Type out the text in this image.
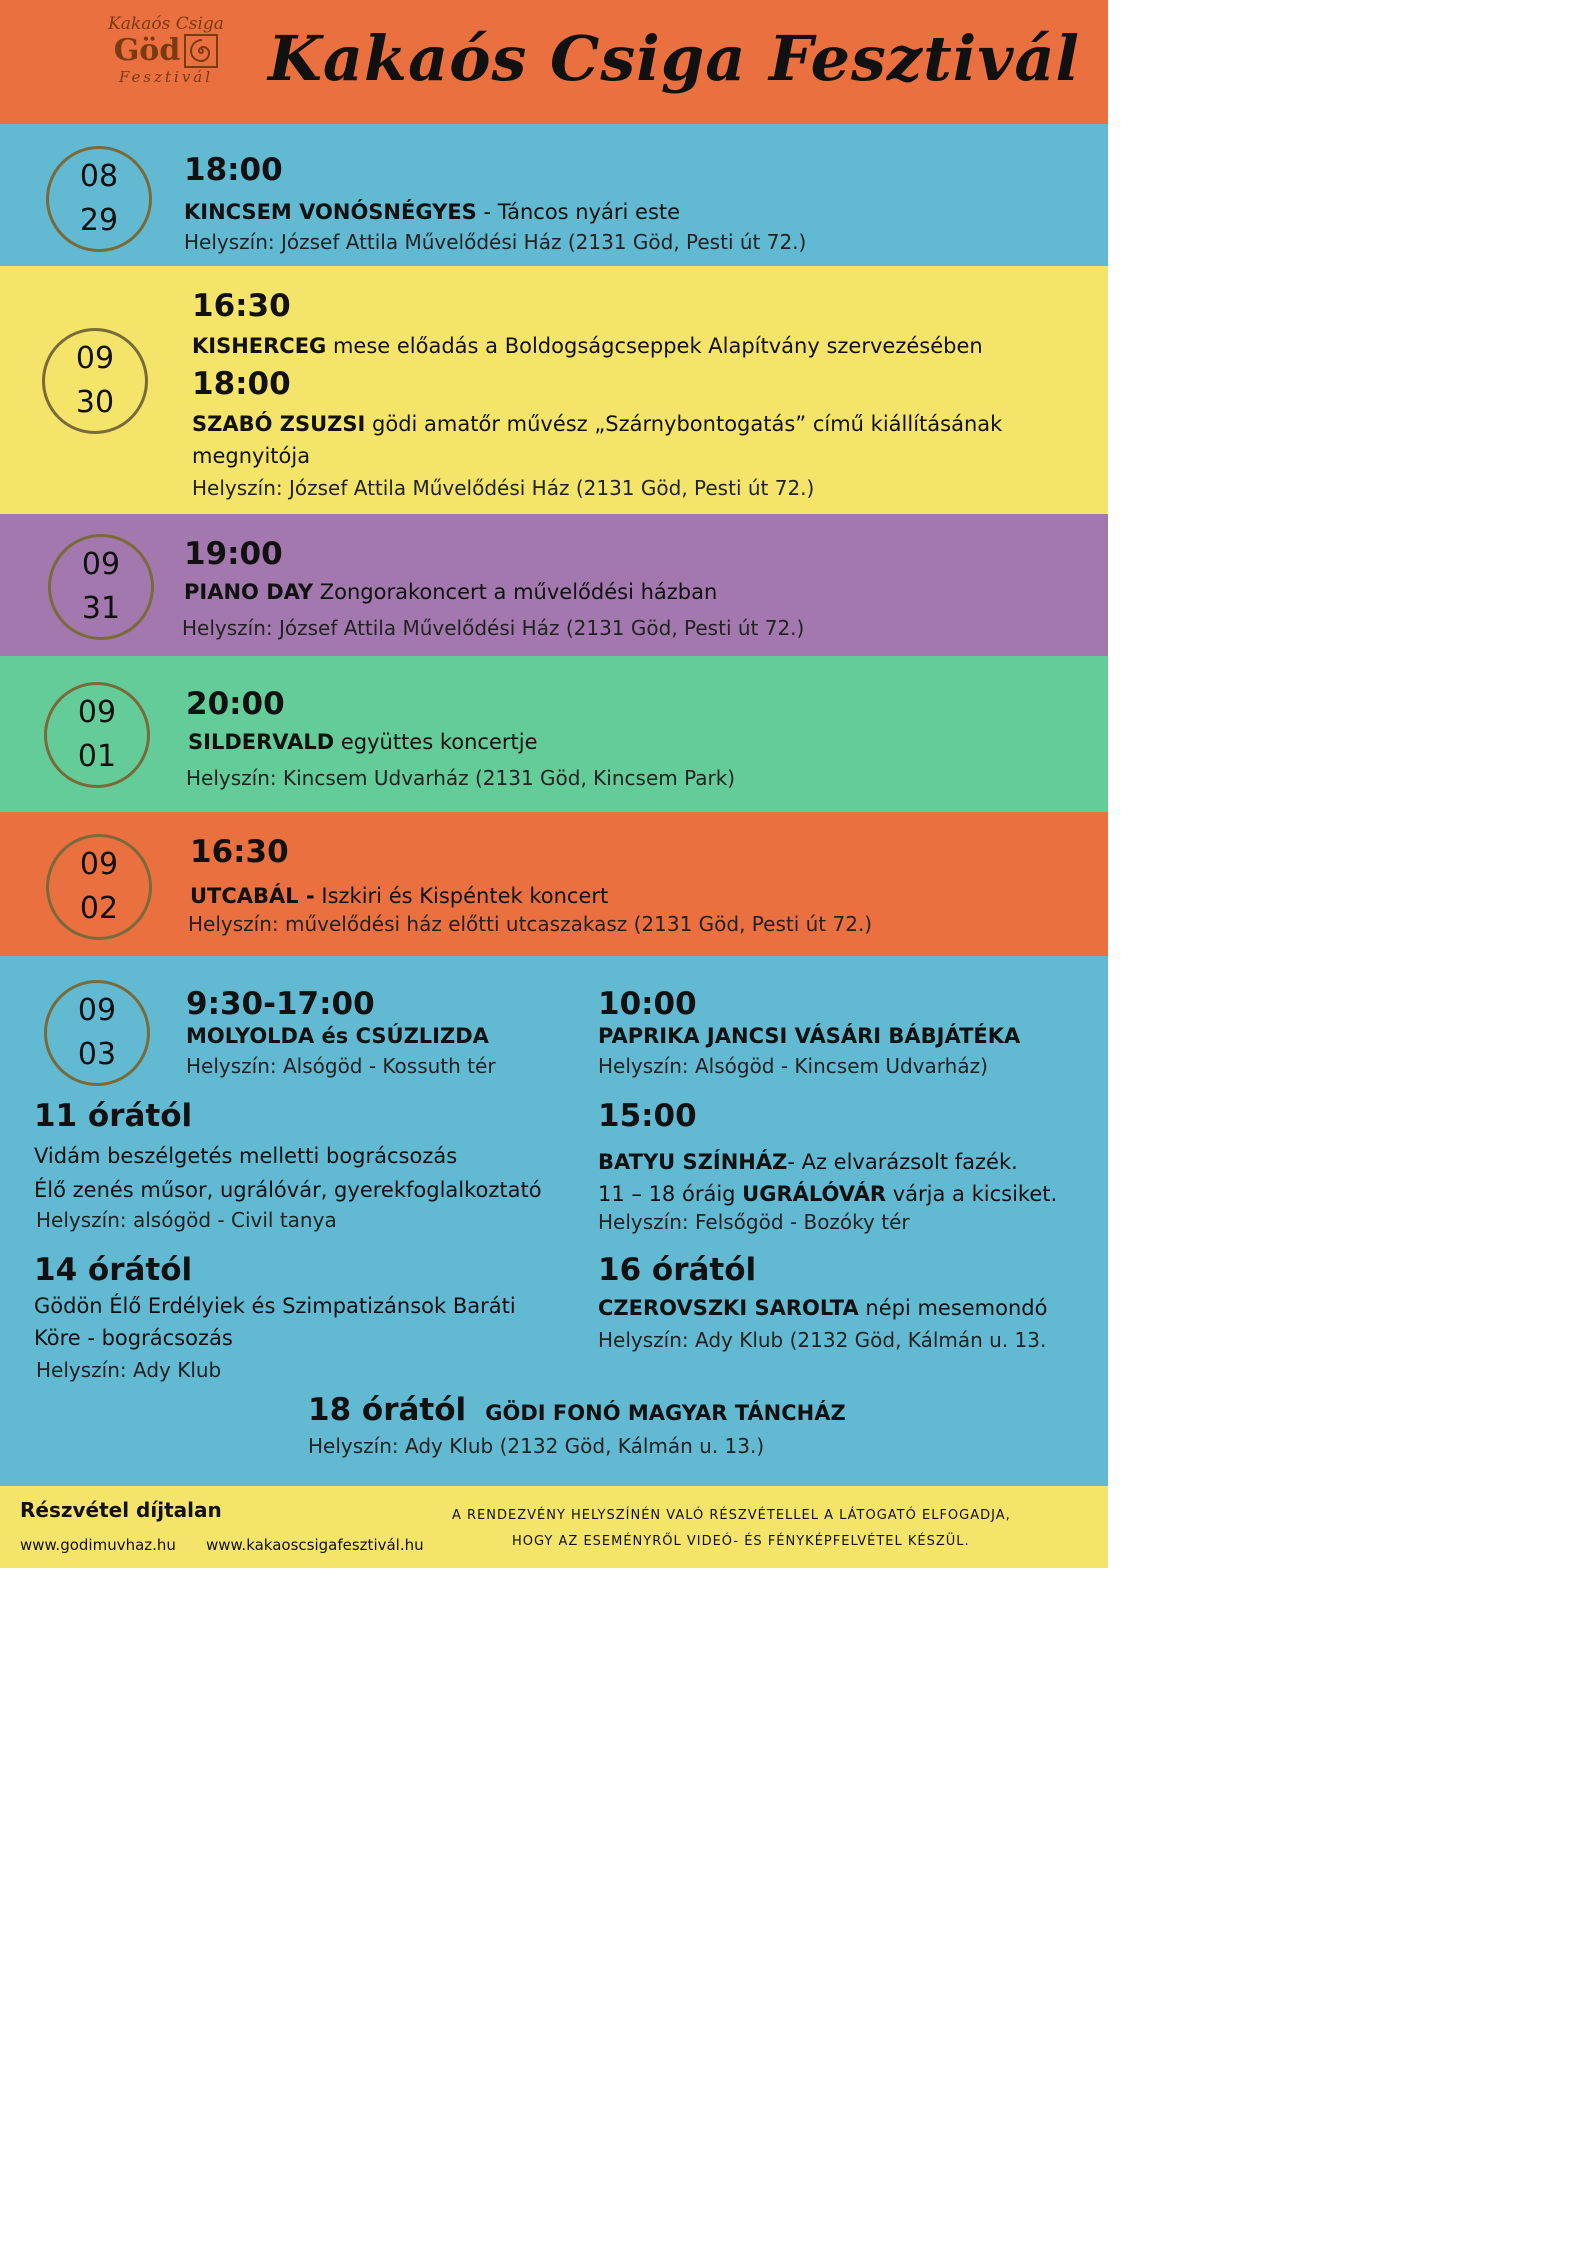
Kakaós Csiga
Göd
Fesztivál Kakaós Csiga Fesztivál
08
29
18:00
KINCSEM VONÓSNÉGYES - Táncos nyári este
Helyszín: József Attila Művelődési Ház (2131 Göd, Pesti út 72.)
09
30
16:30
KISHERCEG mese előadás a Boldogságcseppek Alapítvány szervezésében
18:00
SZABÓ ZSUZSI gödi amatőr művész „Szárnybontogatás” című kiállításának
megnyitója
Helyszín: József Attila Művelődési Ház (2131 Göd, Pesti út 72.)
09
31
19:00
PIANO DAY Zongorakoncert a művelődési házban
Helyszín: József Attila Művelődési Ház (2131 Göd, Pesti út 72.)
09
01
20:00
SILDERVALD együttes koncertje
Helyszín: Kincsem Udvarház (2131 Göd, Kincsem Park)
09
02
16:30
UTCABÁL - Iszkiri és Kispéntek koncert
Helyszín: művelődési ház előtti utcaszakasz (2131 Göd, Pesti út 72.)
09
03
9:30-17:00
MOLYOLDA és CSÚZLIZDA
Helyszín: Alsógöd - Kossuth tér
10:00
PAPRIKA JANCSI VÁSÁRI BÁBJÁTÉKA
Helyszín: Alsógöd - Kincsem Udvarház)
11 órától
Vidám beszélgetés melletti bográcsozás
Élő zenés műsor, ugrálóvár, gyerekfoglalkoztató
Helyszín: alsógöd - Civil tanya
15:00
BATYU SZÍNHÁZ- Az elvarázsolt fazék.
11 – 18 óráig UGRÁLÓVÁR várja a kicsiket.
Helyszín: Felsőgöd - Bozóky tér
14 órától
Gödön Élő Erdélyiek és Szimpatizánsok Baráti
Köre - bográcsozás
Helyszín: Ady Klub
16 órától
CZEROVSZKI SAROLTA népi mesemondó
Helyszín: Ady Klub (2132 Göd, Kálmán u. 13.
18 órától GÖDI FONÓ MAGYAR TÁNCHÁZ
Helyszín: Ady Klub (2132 Göd, Kálmán u. 13.)
Részvétel díjtalan
www.godimuvhaz.hu www.kakaoscsigafesztivál.hu
A RENDEZVÉNY HELYSZÍNÉN VALÓ RÉSZVÉTELLEL A LÁTOGATÓ ELFOGADJA,
HOGY AZ ESEMÉNYRŐL VIDEÓ- ÉS FÉNYKÉPFELVÉTEL KÉSZÜL.
